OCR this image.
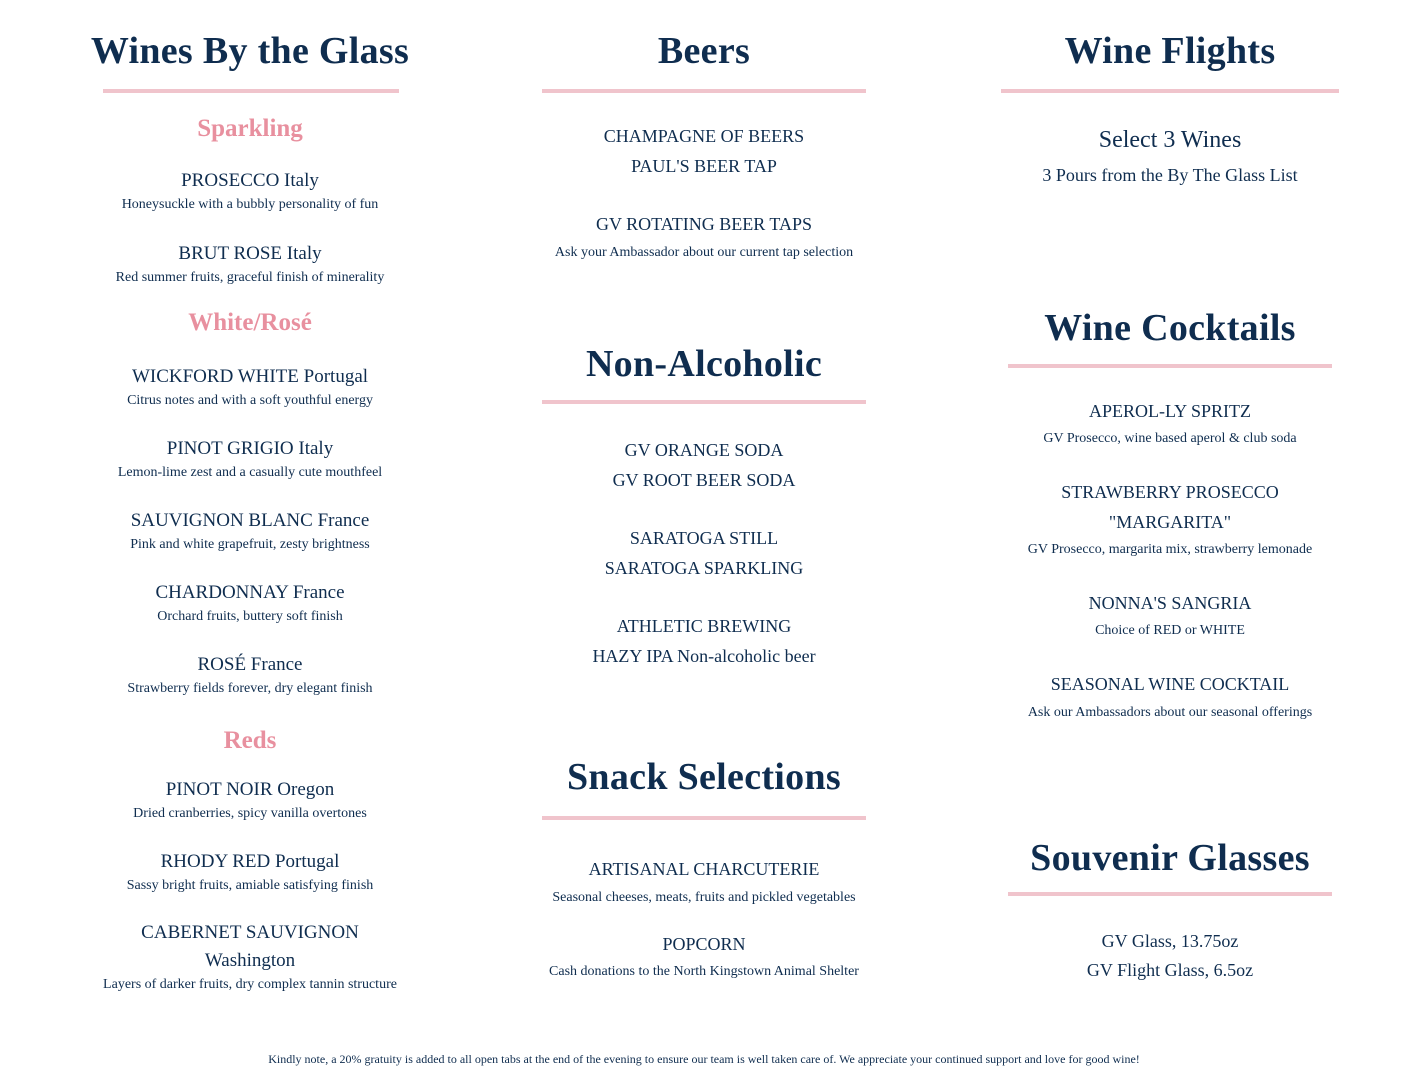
Wines By the Glass
Sparkling
PROSECCO Italy
Honeysuckle with a bubbly personality of fun
BRUT ROSE Italy
Red summer fruits, graceful finish of minerality
White/Rosé
WICKFORD WHITE Portugal
Citrus notes and with a soft youthful energy
PINOT GRIGIO Italy
Lemon-lime zest and a casually cute mouthfeel
SAUVIGNON BLANC France
Pink and white grapefruit, zesty brightness
CHARDONNAY France
Orchard fruits, buttery soft finish
ROSÉ France
Strawberry fields forever, dry elegant finish
Reds
PINOT NOIR Oregon
Dried cranberries, spicy vanilla overtones
RHODY RED Portugal
Sassy bright fruits, amiable satisfying finish
CABERNET SAUVIGNON
Washington
Layers of darker fruits, dry complex tannin structure
Beers
CHAMPAGNE OF BEERS
PAUL'S BEER TAP
GV ROTATING BEER TAPS
Ask your Ambassador about our current tap selection
Non-Alcoholic
GV ORANGE SODA
GV ROOT BEER SODA
SARATOGA STILL
SARATOGA SPARKLING
ATHLETIC BREWING
HAZY IPA Non-alcoholic beer
Snack Selections
ARTISANAL CHARCUTERIE
Seasonal cheeses, meats, fruits and pickled vegetables
POPCORN
Cash donations to the North Kingstown Animal Shelter
Wine Flights
Select 3 Wines
3 Pours from the By The Glass List
Wine Cocktails
APEROL-LY SPRITZ
GV Prosecco, wine based aperol & club soda
STRAWBERRY PROSECCO
"MARGARITA"
GV Prosecco, margarita mix, strawberry lemonade
NONNA'S SANGRIA
Choice of RED or WHITE
SEASONAL WINE COCKTAIL
Ask our Ambassadors about our seasonal offerings
Souvenir Glasses
GV Glass, 13.75oz
GV Flight Glass, 6.5oz
Kindly note, a 20% gratuity is added to all open tabs at the end of the evening to ensure our team is well taken care of. We appreciate your continued support and love for good wine!
